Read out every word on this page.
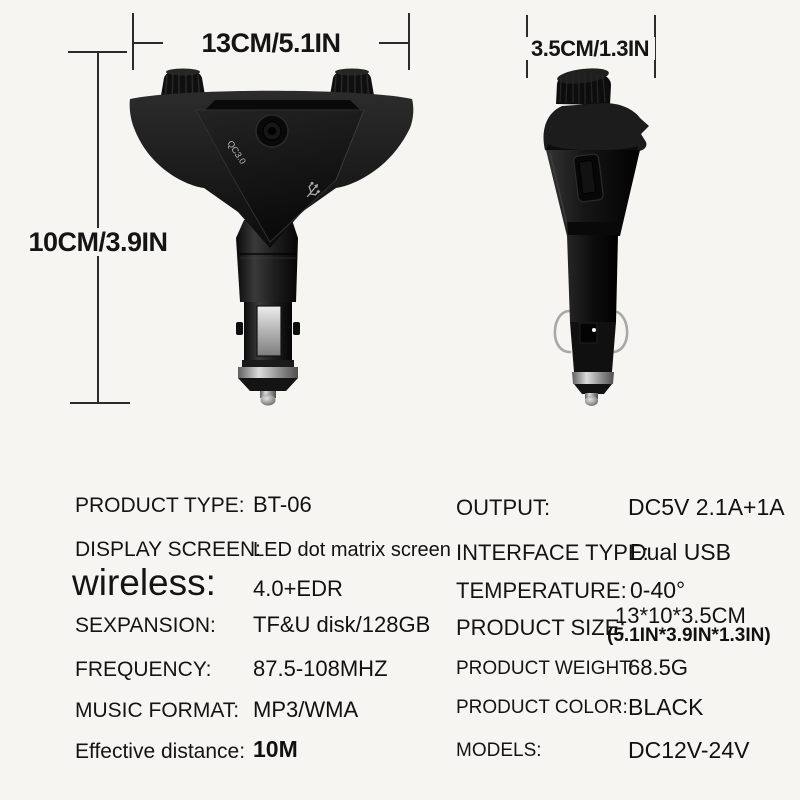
QC3.0
13CM/5.1IN
10CM/3.9IN
3.5CM/1.3IN
PRODUCT TYPE: BT-06
DISPLAY SCREEN:
LED dot matrix screen
wireless: 4.0+EDR
SEXPANSION: TF&U disk/128GB
FREQUENCY: 87.5-108MHZ
MUSIC FORMAT: MP3/WMA
Effective distance: 10M
OUTPUT:	DC5V 2.1A+1A
INTERFACE TYPE:
Dual USB
TEMPERATURE: 0-40°
PRODUCT SIZE:
13*10*3.5CM
(5.1IN*3.9IN*1.3IN)
PRODUCT WEIGHT:
68.5G
PRODUCT COLOR: BLACK
MODELS:	DC12V-24V
